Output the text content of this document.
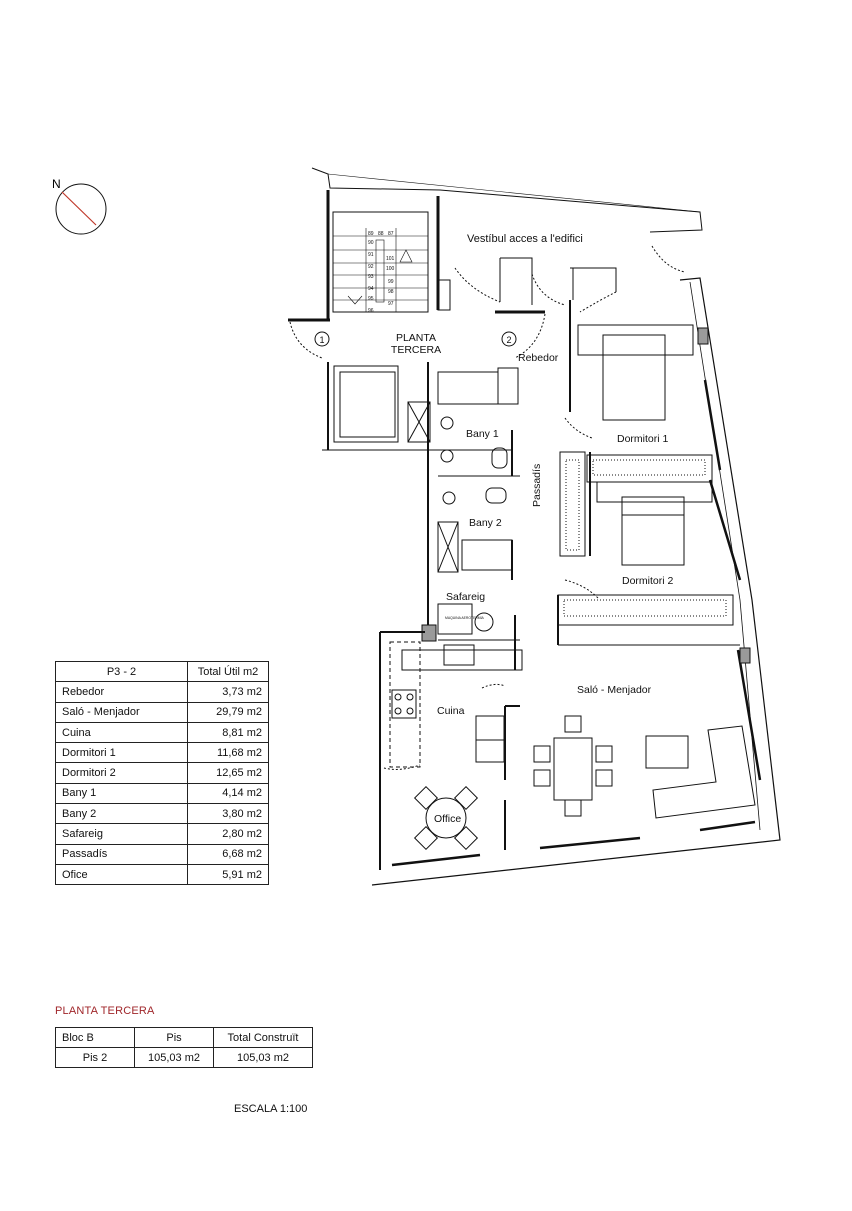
N
89
90
91
92
93
94
95
96
88 87
101
100
99
98
97
Vestíbul acces a l'edifici
PLANTA
TERCERA
Rebedor
Dormitori 1
Bany 1
Passadís
Bany 2
Dormitori 2
Safareig
Saló - Menjador
Cuina
Office
MAQUINA AEROTERMIA
1	2
P3 - 2	Total Útil m2
Rebedor	3,73 m2
Saló - Menjador	29,79 m2
Cuina	8,81 m2
Dormitori 1	11,68 m2
Dormitori 2	12,65 m2
Bany 1	4,14 m2
Bany 2	3,80 m2
Safareig	2,80 m2
Passadís	6,68 m2
Ofice	5,91 m2
PLANTA TERCERA
Bloc B	Pis	Total Construït
Pis 2	105,03 m2	105,03 m2
ESCALA 1:100
